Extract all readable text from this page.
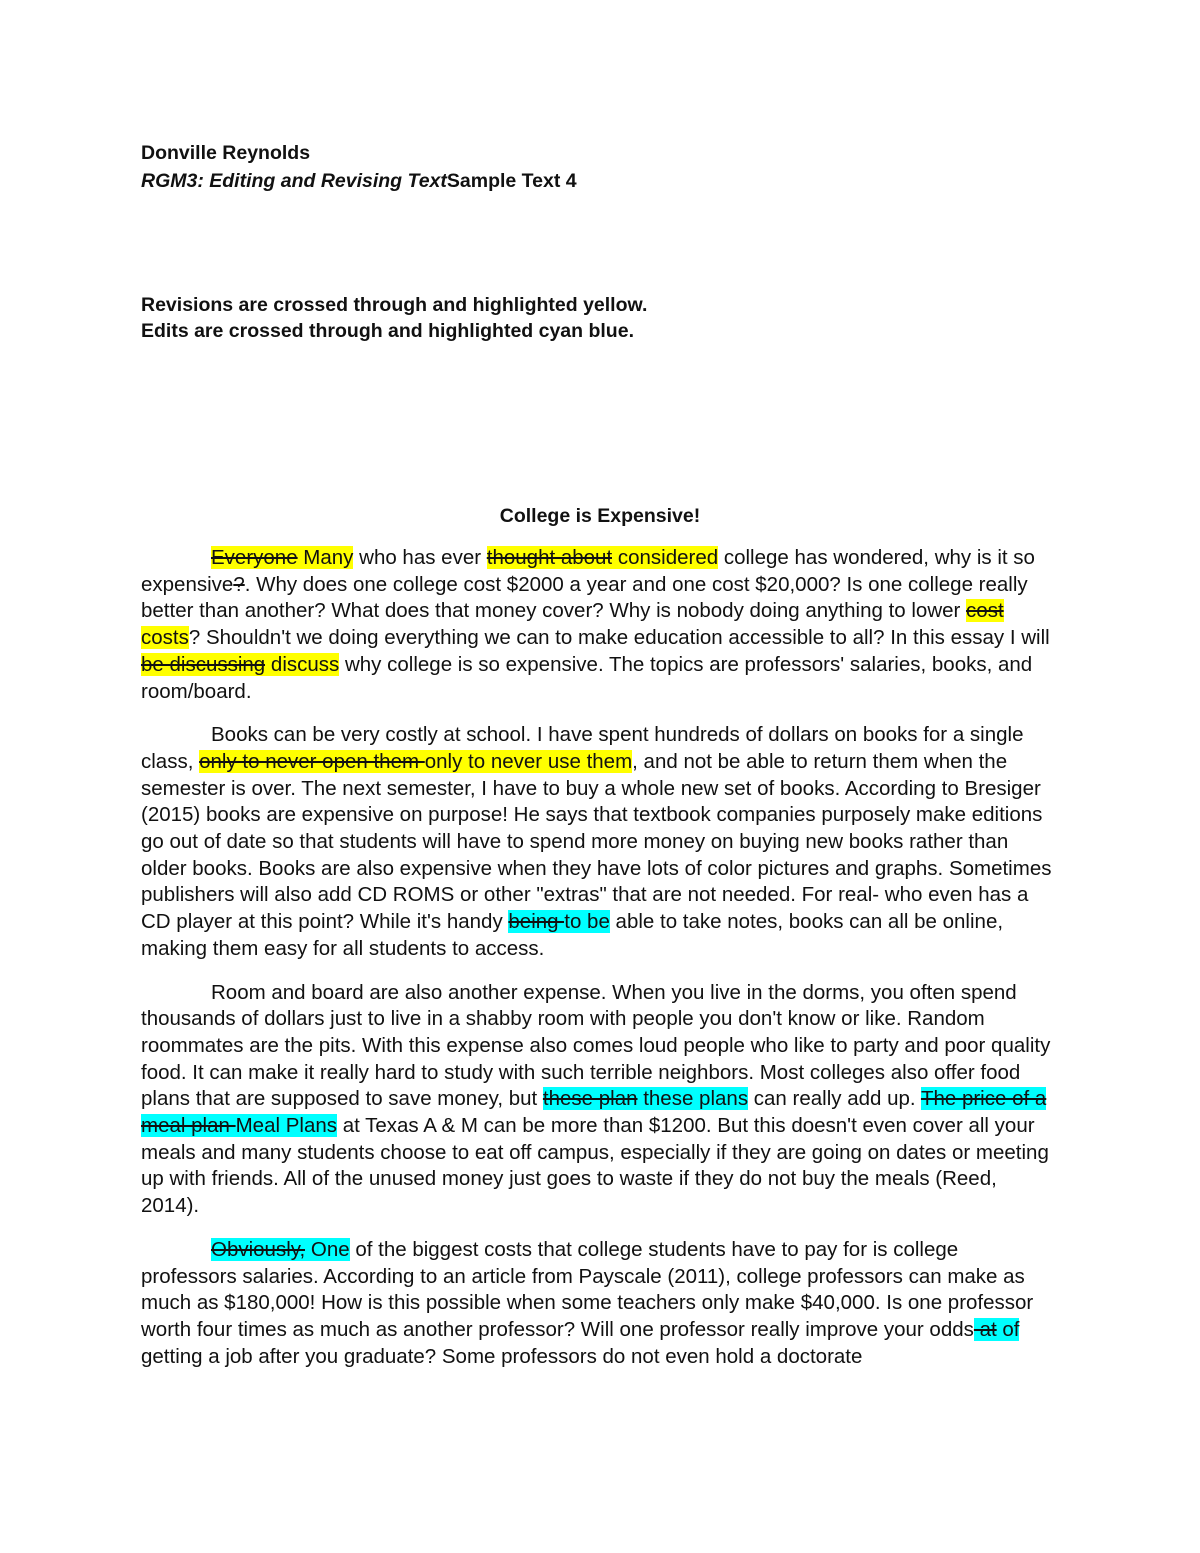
Donville Reynolds

RGM3: Editing and Revising TextSample Text 4

Revisions are crossed through and highlighted yellow.

Edits are crossed through and highlighted cyan blue.

College is Expensive!

Everyone Many who has ever thought about considered college has wondered, why is it so expensive?. Why does one college cost $2000 a year and one cost $20,000? Is one college really better than another? What does that money cover? Why is nobody doing anything to lower cost costs? Shouldn't we doing everything we can to make education accessible to all? In this essay I will be discussing discuss why college is so expensive. The topics are professors' salaries, books, and room/board.

Books can be very costly at school. I have spent hundreds of dollars on books for a single class, only to never open them only to never use them, and not be able to return them when the semester is over. The next semester, I have to buy a whole new set of books. According to Bresiger (2015) books are expensive on purpose! He says that textbook companies purposely make editions go out of date so that students will have to spend more money on buying new books rather than older books. Books are also expensive when they have lots of color pictures and graphs. Sometimes publishers will also add CD ROMS or other "extras" that are not needed. For real- who even has a CD player at this point? While it's handy being to be able to take notes, books can all be online, making them easy for all students to access.

Room and board are also another expense. When you live in the dorms, you often spend thousands of dollars just to live in a shabby room with people you don't know or like. Random roommates are the pits. With this expense also comes loud people who like to party and poor quality food. It can make it really hard to study with such terrible neighbors. Most colleges also offer food plans that are supposed to save money, but these plan these plans can really add up. The price of a meal plan Meal Plans at Texas A & M can be more than $1200. But this doesn't even cover all your meals and many students choose to eat off campus, especially if they are going on dates or meeting up with friends. All of the unused money just goes to waste if they do not buy the meals (Reed, 2014).

Obviously, One of the biggest costs that college students have to pay for is college professors salaries. According to an article from Payscale (2011), college professors can make as much as $180,000! How is this possible when some teachers only make $40,000. Is one professor worth four times as much as another professor? Will one professor really improve your odds at of getting a job after you graduate? Some professors do not even hold a doctorate
